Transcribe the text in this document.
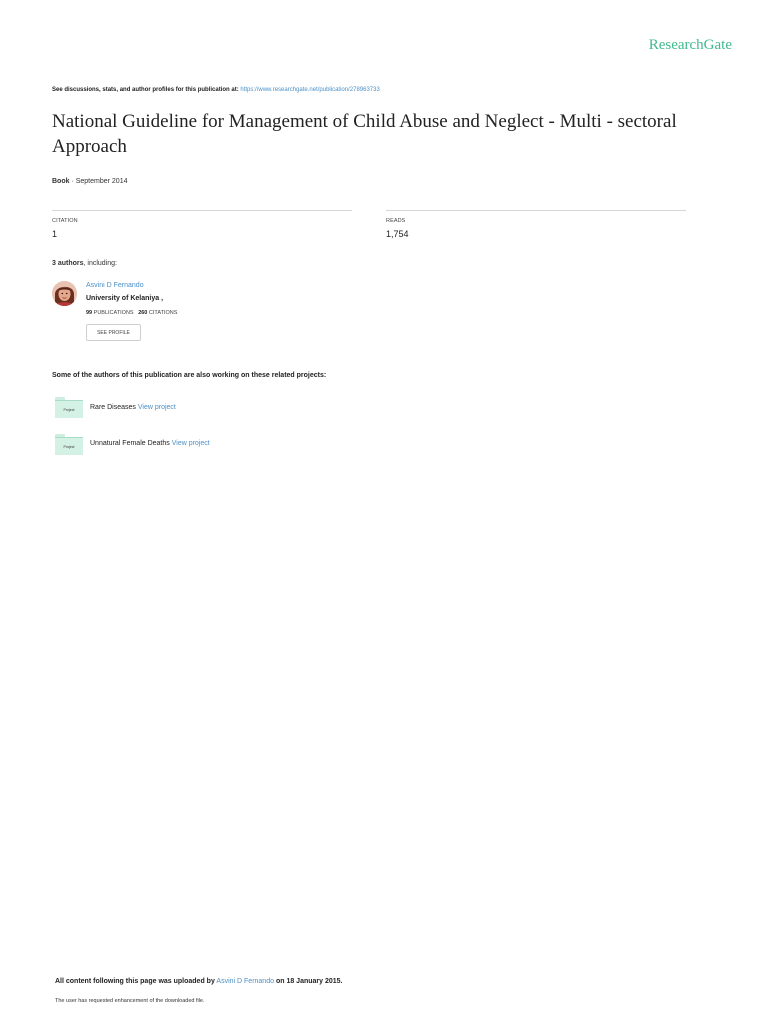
ResearchGate
See discussions, stats, and author profiles for this publication at: https://www.researchgate.net/publication/278963733
National Guideline for Management of Child Abuse and Neglect - Multi - sectoral Approach
Book · September 2014
CITATION
1
READS
1,754
3 authors, including:
Asvini D Fernando
University of Kelaniya ,
99 PUBLICATIONS 260 CITATIONS
SEE PROFILE
Some of the authors of this publication are also working on these related projects:
Project	Rare Diseases View project
Project	Unnatural Female Deaths View project
All content following this page was uploaded by Asvini D Fernando on 18 January 2015.
The user has requested enhancement of the downloaded file.
